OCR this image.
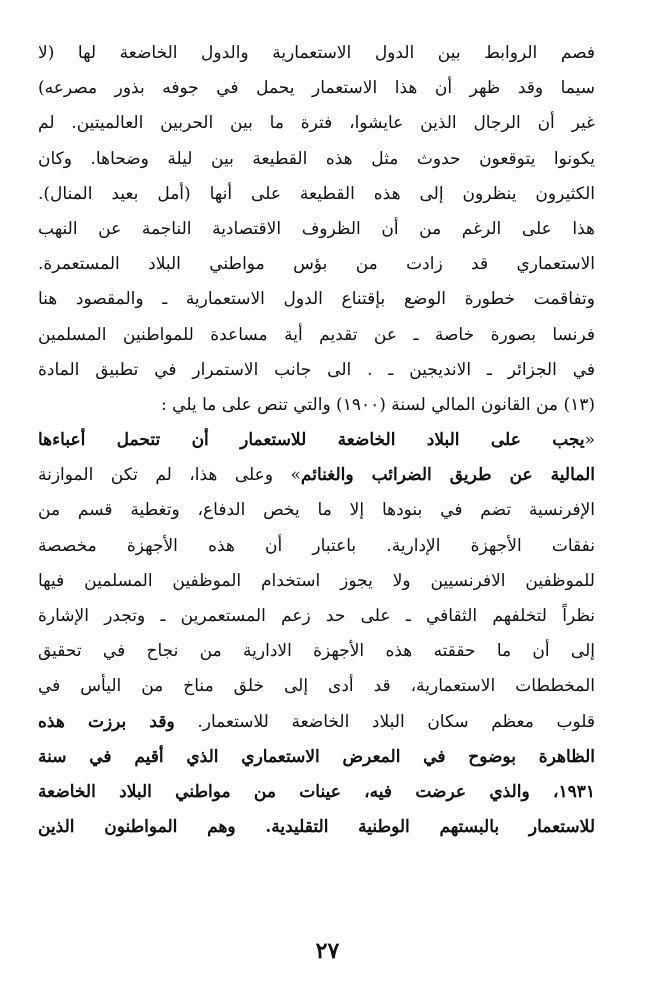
فصم الروابط بين الدول الاستعمارية والدول الخاضعة لها (لا
سيما وقد ظهر أن هذا الاستعمار يحمل في جوفه بذور مصرعه)
غير أن الرجال الذين عايشوا، فترة ما بين الحربين العالميتين. لم
يكونوا يتوقعون حدوث مثل هذه القطيعة بين ليلة وضحاها. وكان
الكثيرون ينظرون إلى هذه القطيعة على أنها (أمل بعيد المنال).
هذا على الرغم من أن الظروف الاقتصادية الناجمة عن النهب
الاستعماري قد زادت من بؤس مواطني البلاد المستعمرة.
وتفاقمت خطورة الوضع بإقتناع الدول الاستعمارية ـ والمقصود هنا
فرنسا بصورة خاصة ـ عن تقديم أية مساعدة للمواطنين المسلمين
في الجزائر ـ الانديجين ـ . الى جانب الاستمرار في تطبيق المادة
(١٣) من القانون المالي لسنة (١٩٠٠) والتي تنص على ما يلي :
«يجب على البلاد الخاضعة للاستعمار أن تتحمل أعباءها
المالية عن طريق الضرائب والغنائم» وعلى هذا، لم تكن الموازنة
الإفرنسية تضم في بنودها إلا ما يخص الدفاع، وتغطية قسم من
نفقات الأجهزة الإدارية. باعتبار أن هذه الأجهزة مخصصة
للموظفين الافرنسيين ولا يجوز استخدام الموظفين المسلمين فيها
نظراً لتخلفهم الثقافي ـ على حد زعم المستعمرين ـ وتجدر الإشارة
إلى أن ما حققته هذه الأجهزة الادارية من نجاح في تحقيق
المخططات الاستعمارية، قد أدى إلى خلق مناخ من اليأس في
قلوب معظم سكان البلاد الخاضعة للاستعمار. وقد برزت هذه
الظاهرة بوضوح في المعرض الاستعماري الذي أقيم في سنة
١٩٣١، والذي عرضت فيه، عينات من مواطني البلاد الخاضعة
للاستعمار بالبستهم الوطنية التقليدية. وهم المواطنون الذين
٢٧
